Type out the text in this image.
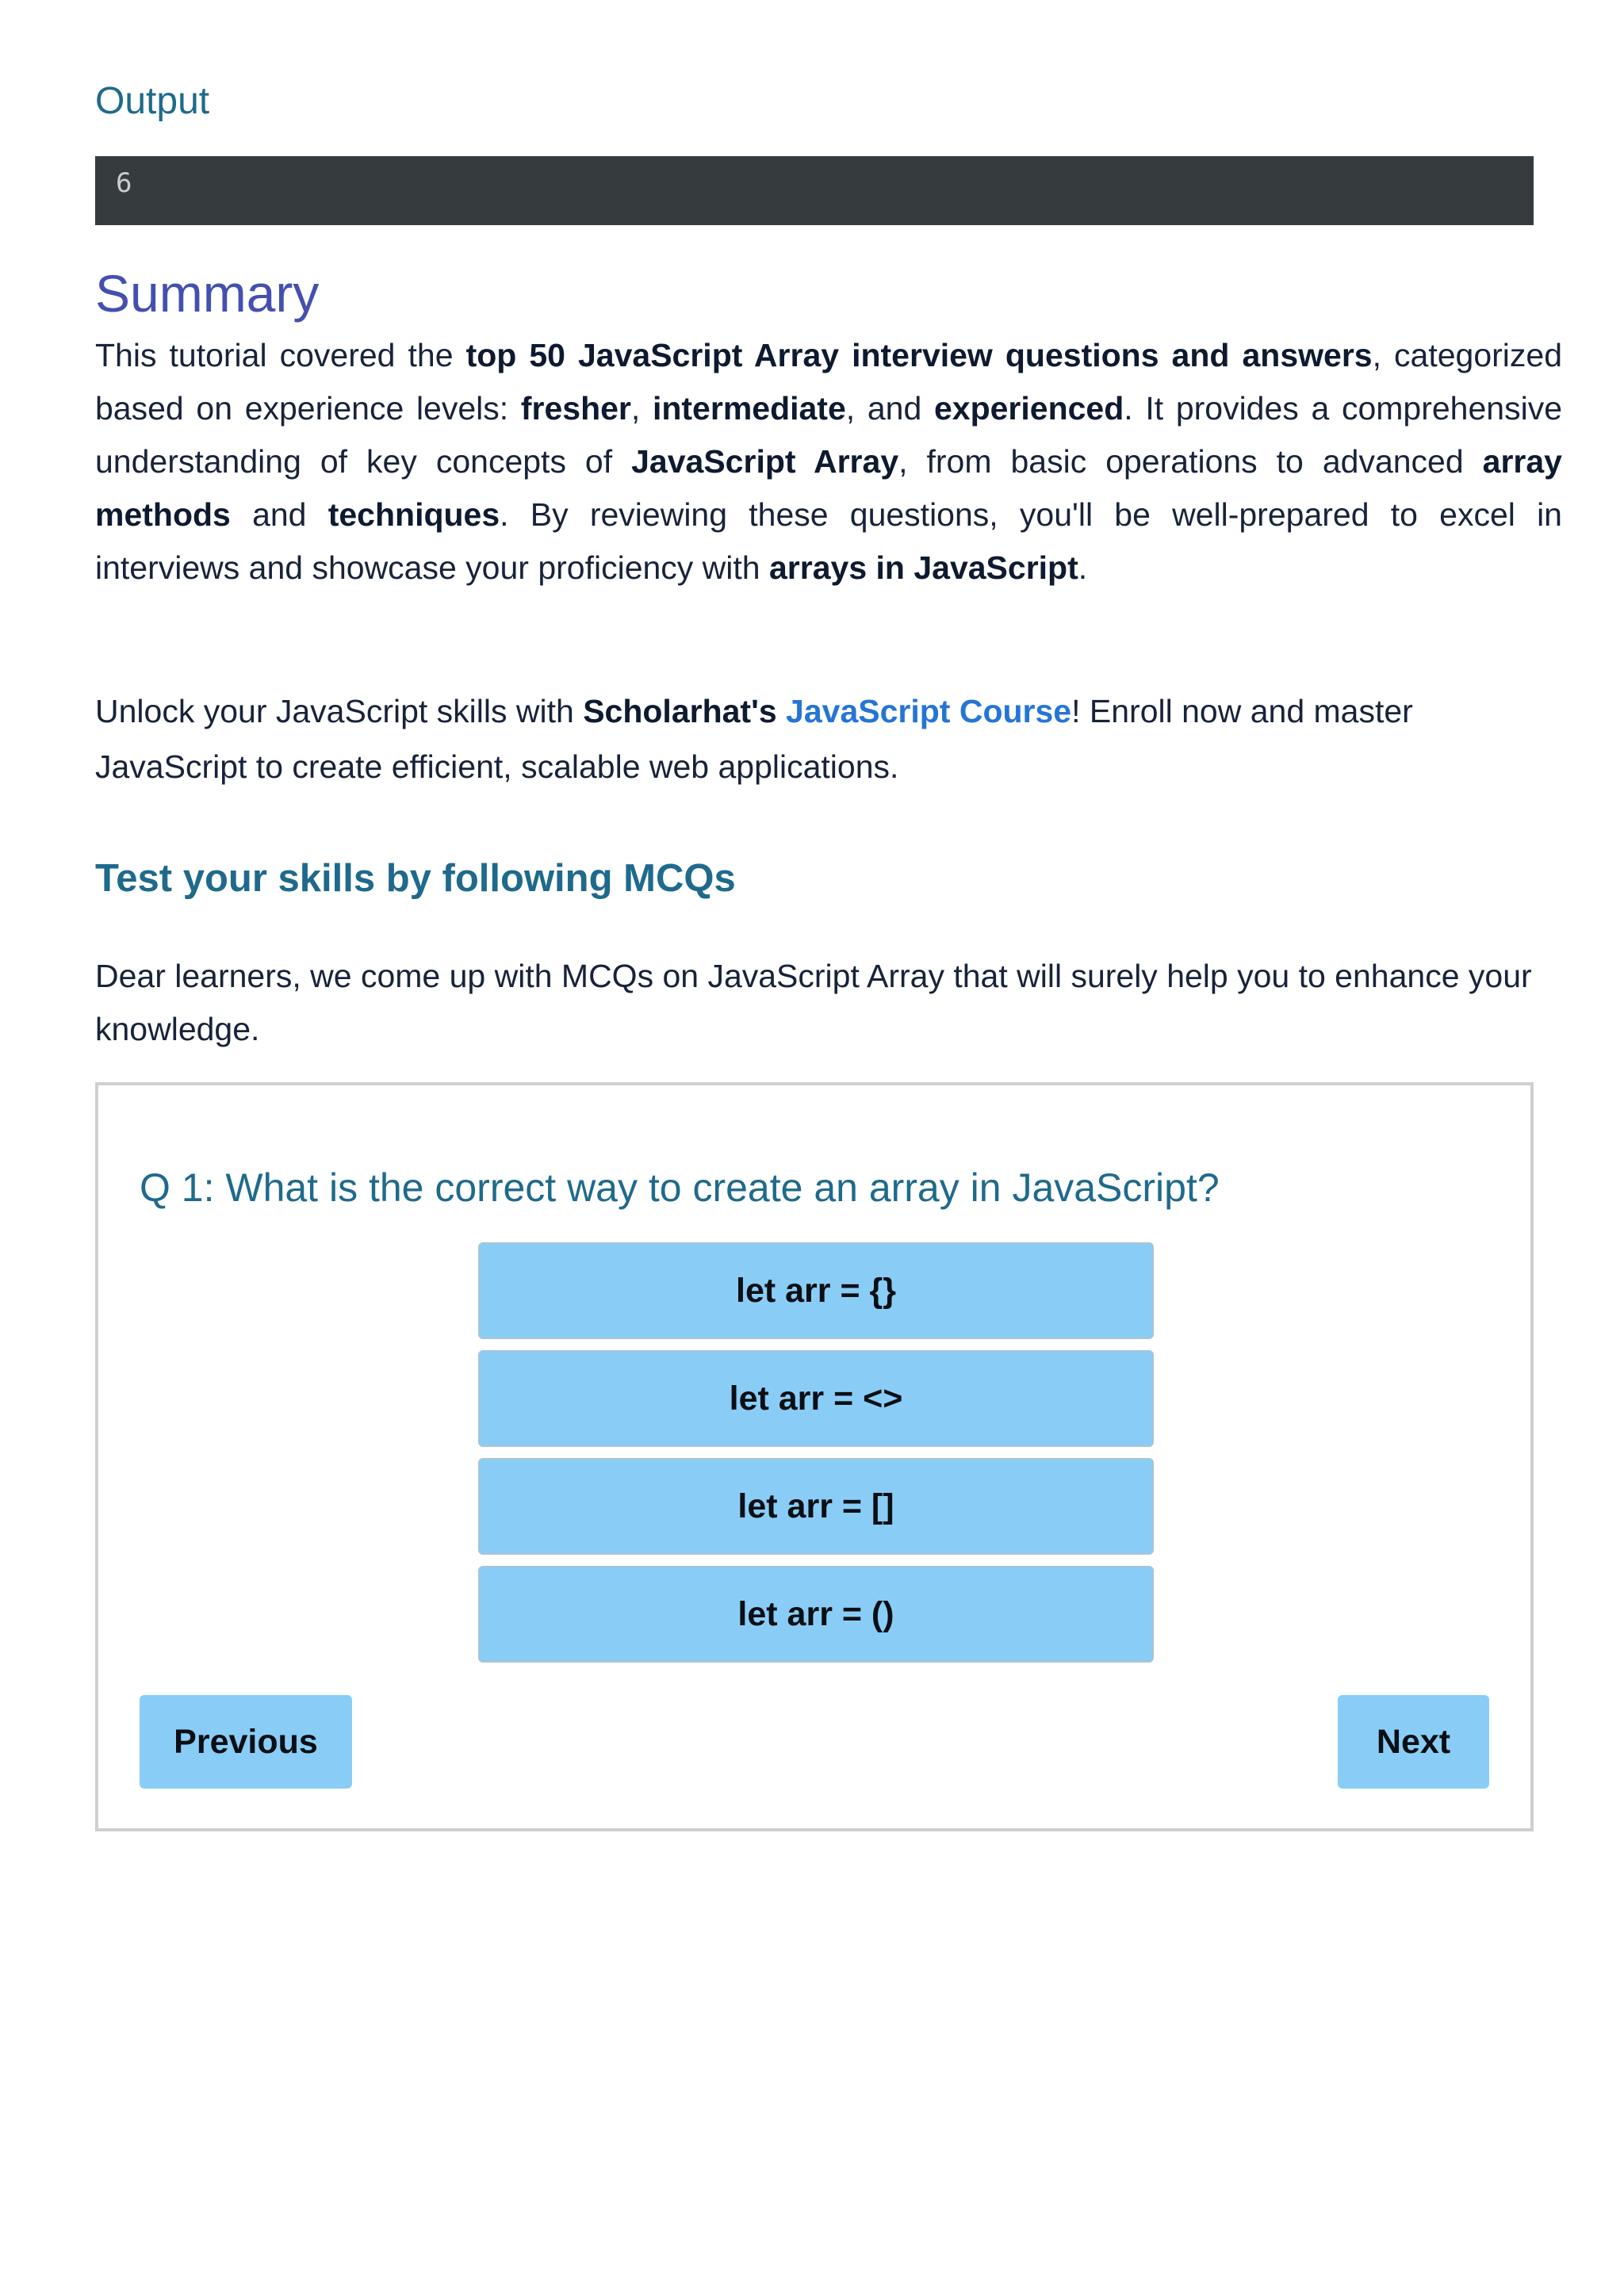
Output
6
Summary
This tutorial covered the top 50 JavaScript Array interview questions and answers, categorized based on experience levels: fresher, intermediate, and experienced. It provides a comprehensive understanding of key concepts of JavaScript Array, from basic operations to advanced array methods and techniques. By reviewing these questions, you'll be well-prepared to excel in interviews and showcase your proficiency with arrays in JavaScript.
Unlock your JavaScript skills with Scholarhat's JavaScript Course! Enroll now and master JavaScript to create efficient, scalable web applications.
Test your skills by following MCQs
Dear learners, we come up with MCQs on JavaScript Array that will surely help you to enhance your knowledge.
Q 1: What is the correct way to create an array in JavaScript?
let arr = {}
let arr = <>
let arr = []
let arr = ()
Previous	Next
